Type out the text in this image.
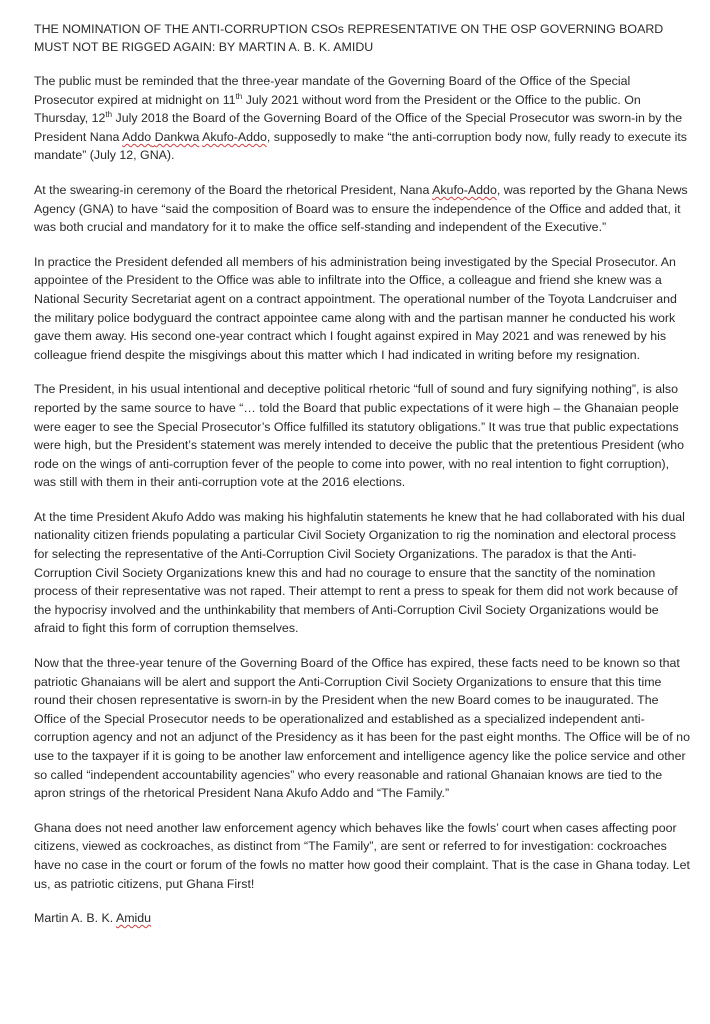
THE NOMINATION OF THE ANTI-CORRUPTION CSOs REPRESENTATIVE ON THE OSP GOVERNING BOARD
MUST NOT BE RIGGED AGAIN: BY MARTIN A. B. K. AMIDU

The public must be reminded that the three-year mandate of the Governing Board of the Office of the Special Prosecutor expired at midnight on 11th July 2021 without word from the President or the Office to the public. On Thursday, 12th July 2018 the Board of the Governing Board of the Office of the Special Prosecutor was sworn-in by the President Nana Addo Dankwa Akufo-Addo, supposedly to make “the anti-corruption body now, fully ready to execute its mandate” (July 12, GNA).

At the swearing-in ceremony of the Board the rhetorical President, Nana Akufo-Addo, was reported by the Ghana News Agency (GNA) to have “said the composition of Board was to ensure the independence of the Office and added that, it was both crucial and mandatory for it to make the office self-standing and independent of the Executive.”

In practice the President defended all members of his administration being investigated by the Special Prosecutor. An appointee of the President to the Office was able to infiltrate into the Office, a colleague and friend she knew was a National Security Secretariat agent on a contract appointment. The operational number of the Toyota Landcruiser and the military police bodyguard the contract appointee came along with and the partisan manner he conducted his work gave them away. His second one-year contract which I fought against expired in May 2021 and was renewed by his colleague friend despite the misgivings about this matter which I had indicated in writing before my resignation.

The President, in his usual intentional and deceptive political rhetoric “full of sound and fury signifying nothing”, is also reported by the same source to have “… told the Board that public expectations of it were high – the Ghanaian people were eager to see the Special Prosecutor’s Office fulfilled its statutory obligations.” It was true that public expectations were high, but the President’s statement was merely intended to deceive the public that the pretentious President (who rode on the wings of anti-corruption fever of the people to come into power, with no real intention to fight corruption), was still with them in their anti-corruption vote at the 2016 elections.

At the time President Akufo Addo was making his highfalutin statements he knew that he had collaborated with his dual nationality citizen friends populating a particular Civil Society Organization to rig the nomination and electoral process for selecting the representative of the Anti-Corruption Civil Society Organizations. The paradox is that the Anti-Corruption Civil Society Organizations knew this and had no courage to ensure that the sanctity of the nomination process of their representative was not raped. Their attempt to rent a press to speak for them did not work because of the hypocrisy involved and the unthinkability that members of Anti-Corruption Civil Society Organizations would be afraid to fight this form of corruption themselves.

Now that the three-year tenure of the Governing Board of the Office has expired, these facts need to be known so that patriotic Ghanaians will be alert and support the Anti-Corruption Civil Society Organizations to ensure that this time round their chosen representative is sworn-in by the President when the new Board comes to be inaugurated. The Office of the Special Prosecutor needs to be operationalized and established as a specialized independent anti-corruption agency and not an adjunct of the Presidency as it has been for the past eight months. The Office will be of no use to the taxpayer if it is going to be another law enforcement and intelligence agency like the police service and other so called “independent accountability agencies” who every reasonable and rational Ghanaian knows are tied to the apron strings of the rhetorical President Nana Akufo Addo and “The Family.”

Ghana does not need another law enforcement agency which behaves like the fowls’ court when cases affecting poor citizens, viewed as cockroaches, as distinct from “The Family”, are sent or referred to for investigation: cockroaches have no case in the court or forum of the fowls no matter how good their complaint. That is the case in Ghana today. Let us, as patriotic citizens, put Ghana First!

Martin A. B. K. Amidu
